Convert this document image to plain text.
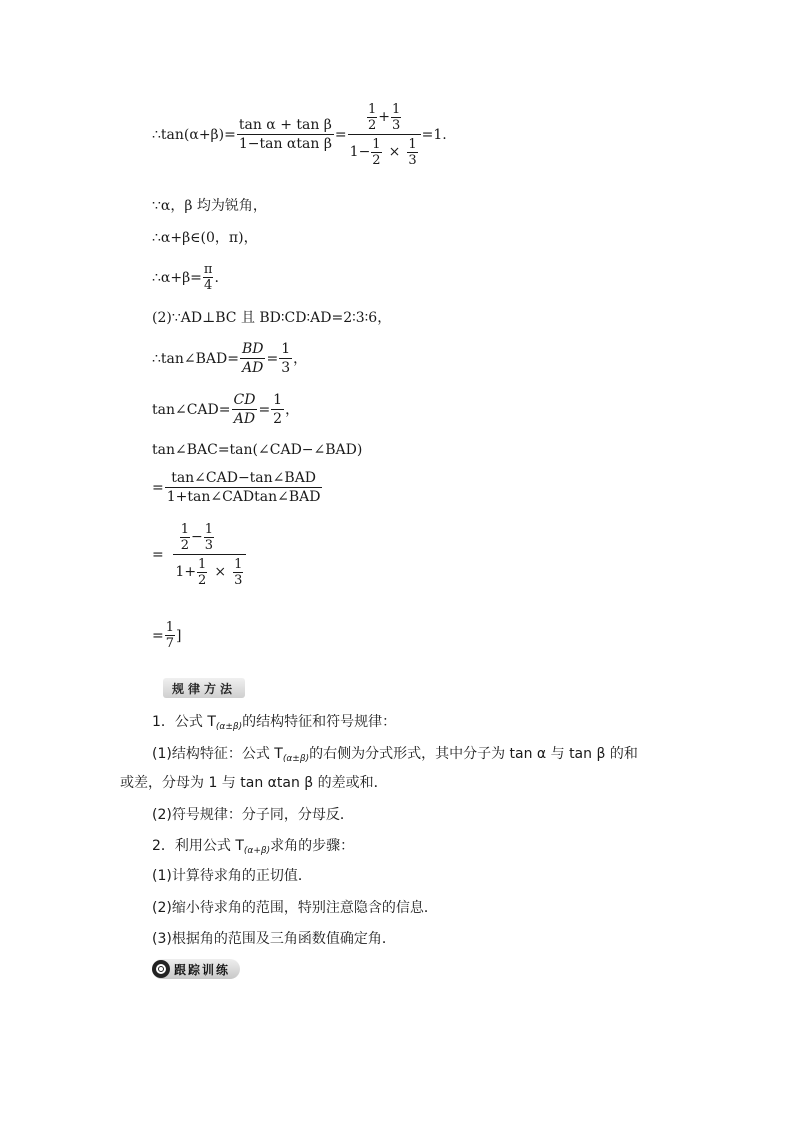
∴tan(α+β)= $\frac{\text{tan α + tan β}}{\text{1−tan αtan β}} = \frac{\frac{1}{2} + \frac{1}{3}}{1- \frac{1}{2} \times \frac{1}{3}} =1$.
∵α，β 均为锐角，
∴α+β∈(0，π)，
∴α+β= $\frac{\pi}{4}$ .
(2)∵AD⊥BC 且 BD∶CD∶AD=2∶3∶6，
∴tan∠BAD= $\frac{BD}{AD} = \frac{1}{3}$ ，
tan∠CAD= $\frac{CD}{AD} = \frac{1}{2}$ ，
tan∠BAC=tan(∠CAD−∠BAD)
= $\frac{\text{tan∠CAD−tan∠BAD}}{\text{1+tan∠CADtan∠BAD}}$
= $\frac{\frac{1}{2} - \frac{1}{3}}{1+ \frac{1}{2} \times \frac{1}{3}}$
= $\frac{1}{7}$ ]
规律方法
1．公式 $T_{(\alpha\pm\beta)}$的结构特征和符号规律：
(1)结构特征：公式 $T_{(\alpha\pm\beta)}$的右侧为分式形式，其中分子为 tan α 与 tan β 的和
或差，分母为 1 与 tan αtan β 的差或和．
(2)符号规律：分子同，分母反．
2．利用公式 $T_{(\alpha+\beta)}$求角的步骤：
(1)计算待求角的正切值．
(2)缩小待求角的范围，特别注意隐含的信息．
(3)根据角的范围及三角函数值确定角．
跟踪训练
